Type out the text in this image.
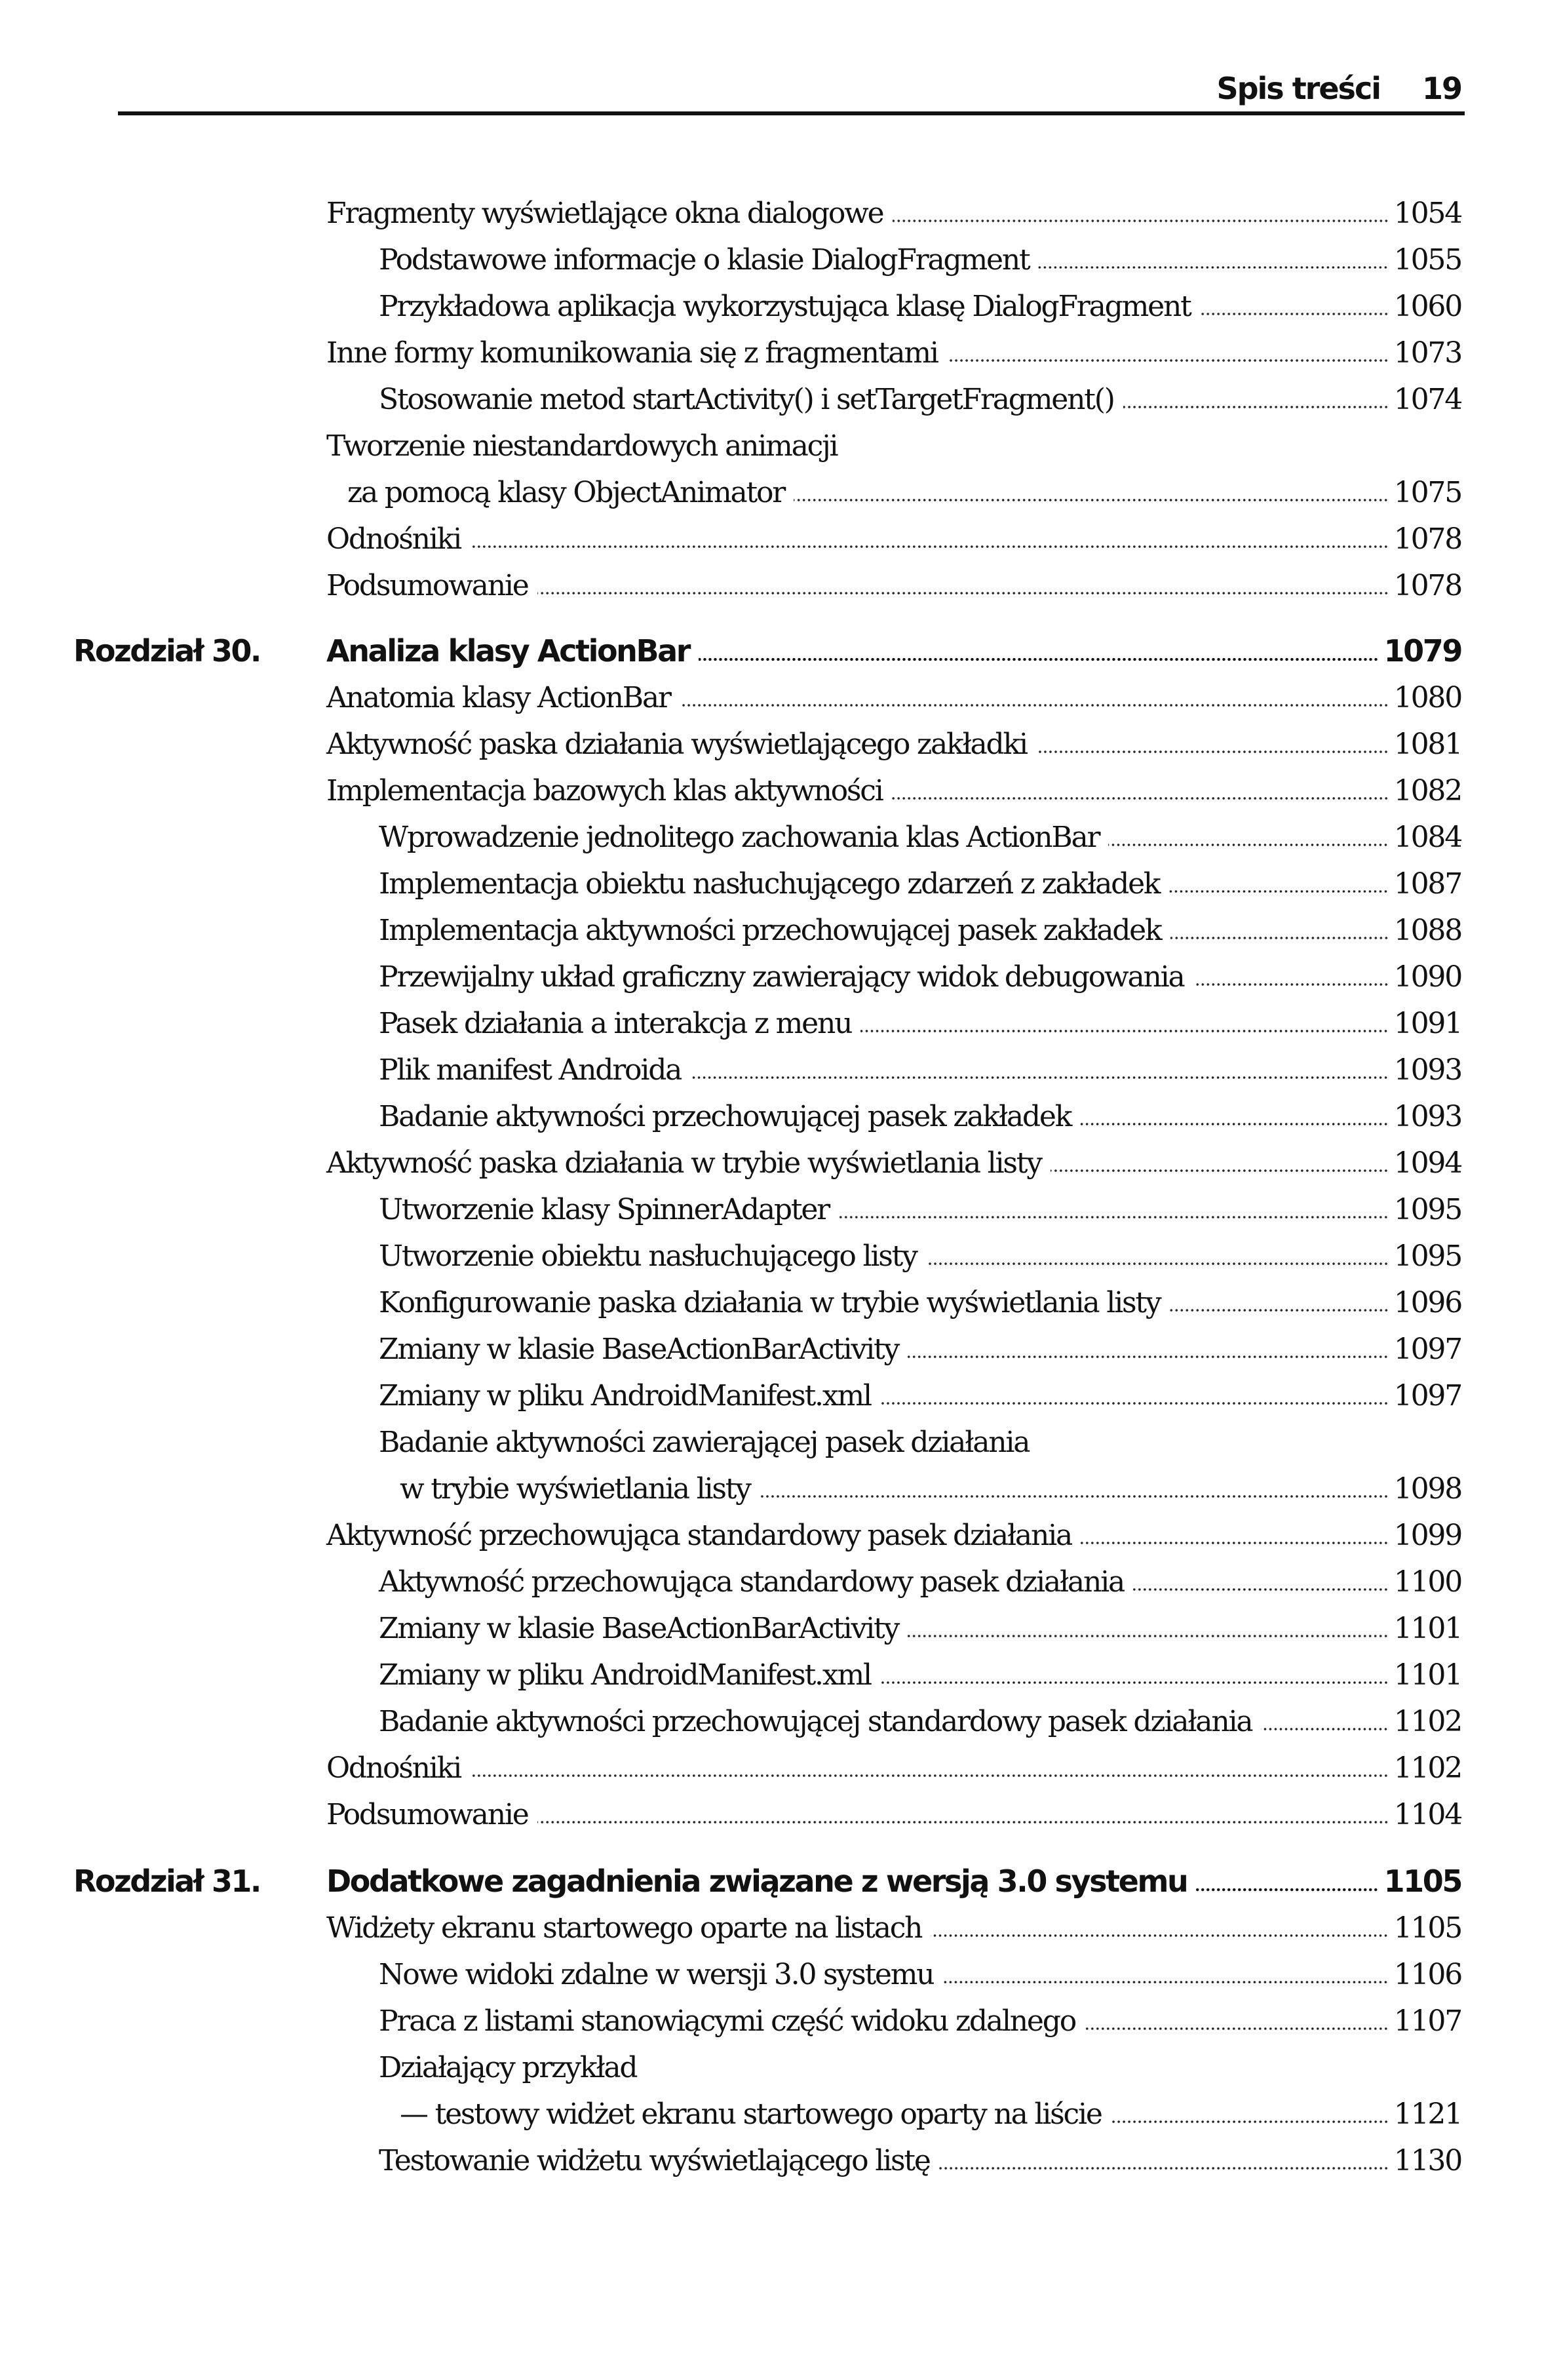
Spis treści 19
Fragmenty wyświetlające okna dialogowe	1054
Podstawowe informacje o klasie DialogFragment	1055
Przykładowa aplikacja wykorzystująca klasę DialogFragment	1060
Inne formy komunikowania się z fragmentami	1073
Stosowanie metod startActivity() i setTargetFragment()	1074
Tworzenie niestandardowych animacji
za pomocą klasy ObjectAnimator	1075
Odnośniki	1078
Podsumowanie	1078
Rozdział 30. Analiza klasy ActionBar	1079
Anatomia klasy ActionBar	1080
Aktywność paska działania wyświetlającego zakładki	1081
Implementacja bazowych klas aktywności	1082
Wprowadzenie jednolitego zachowania klas ActionBar	1084
Implementacja obiektu nasłuchującego zdarzeń z zakładek	1087
Implementacja aktywności przechowującej pasek zakładek	1088
Przewijalny układ graficzny zawierający widok debugowania	1090
Pasek działania a interakcja z menu	1091
Plik manifest Androida	1093
Badanie aktywności przechowującej pasek zakładek	1093
Aktywność paska działania w trybie wyświetlania listy	1094
Utworzenie klasy SpinnerAdapter	1095
Utworzenie obiektu nasłuchującego listy	1095
Konfigurowanie paska działania w trybie wyświetlania listy	1096
Zmiany w klasie BaseActionBarActivity	1097
Zmiany w pliku AndroidManifest.xml	1097
Badanie aktywności zawierającej pasek działania
w trybie wyświetlania listy	1098
Aktywność przechowująca standardowy pasek działania	1099
Aktywność przechowująca standardowy pasek działania	1100
Zmiany w klasie BaseActionBarActivity	1101
Zmiany w pliku AndroidManifest.xml	1101
Badanie aktywności przechowującej standardowy pasek działania	1102
Odnośniki	1102
Podsumowanie	1104
Rozdział 31. Dodatkowe zagadnienia związane z wersją 3.0 systemu	1105
Widżety ekranu startowego oparte na listach	1105
Nowe widoki zdalne w wersji 3.0 systemu	1106
Praca z listami stanowiącymi część widoku zdalnego	1107
Działający przykład
— testowy widżet ekranu startowego oparty na liście	1121
Testowanie widżetu wyświetlającego listę	1130
